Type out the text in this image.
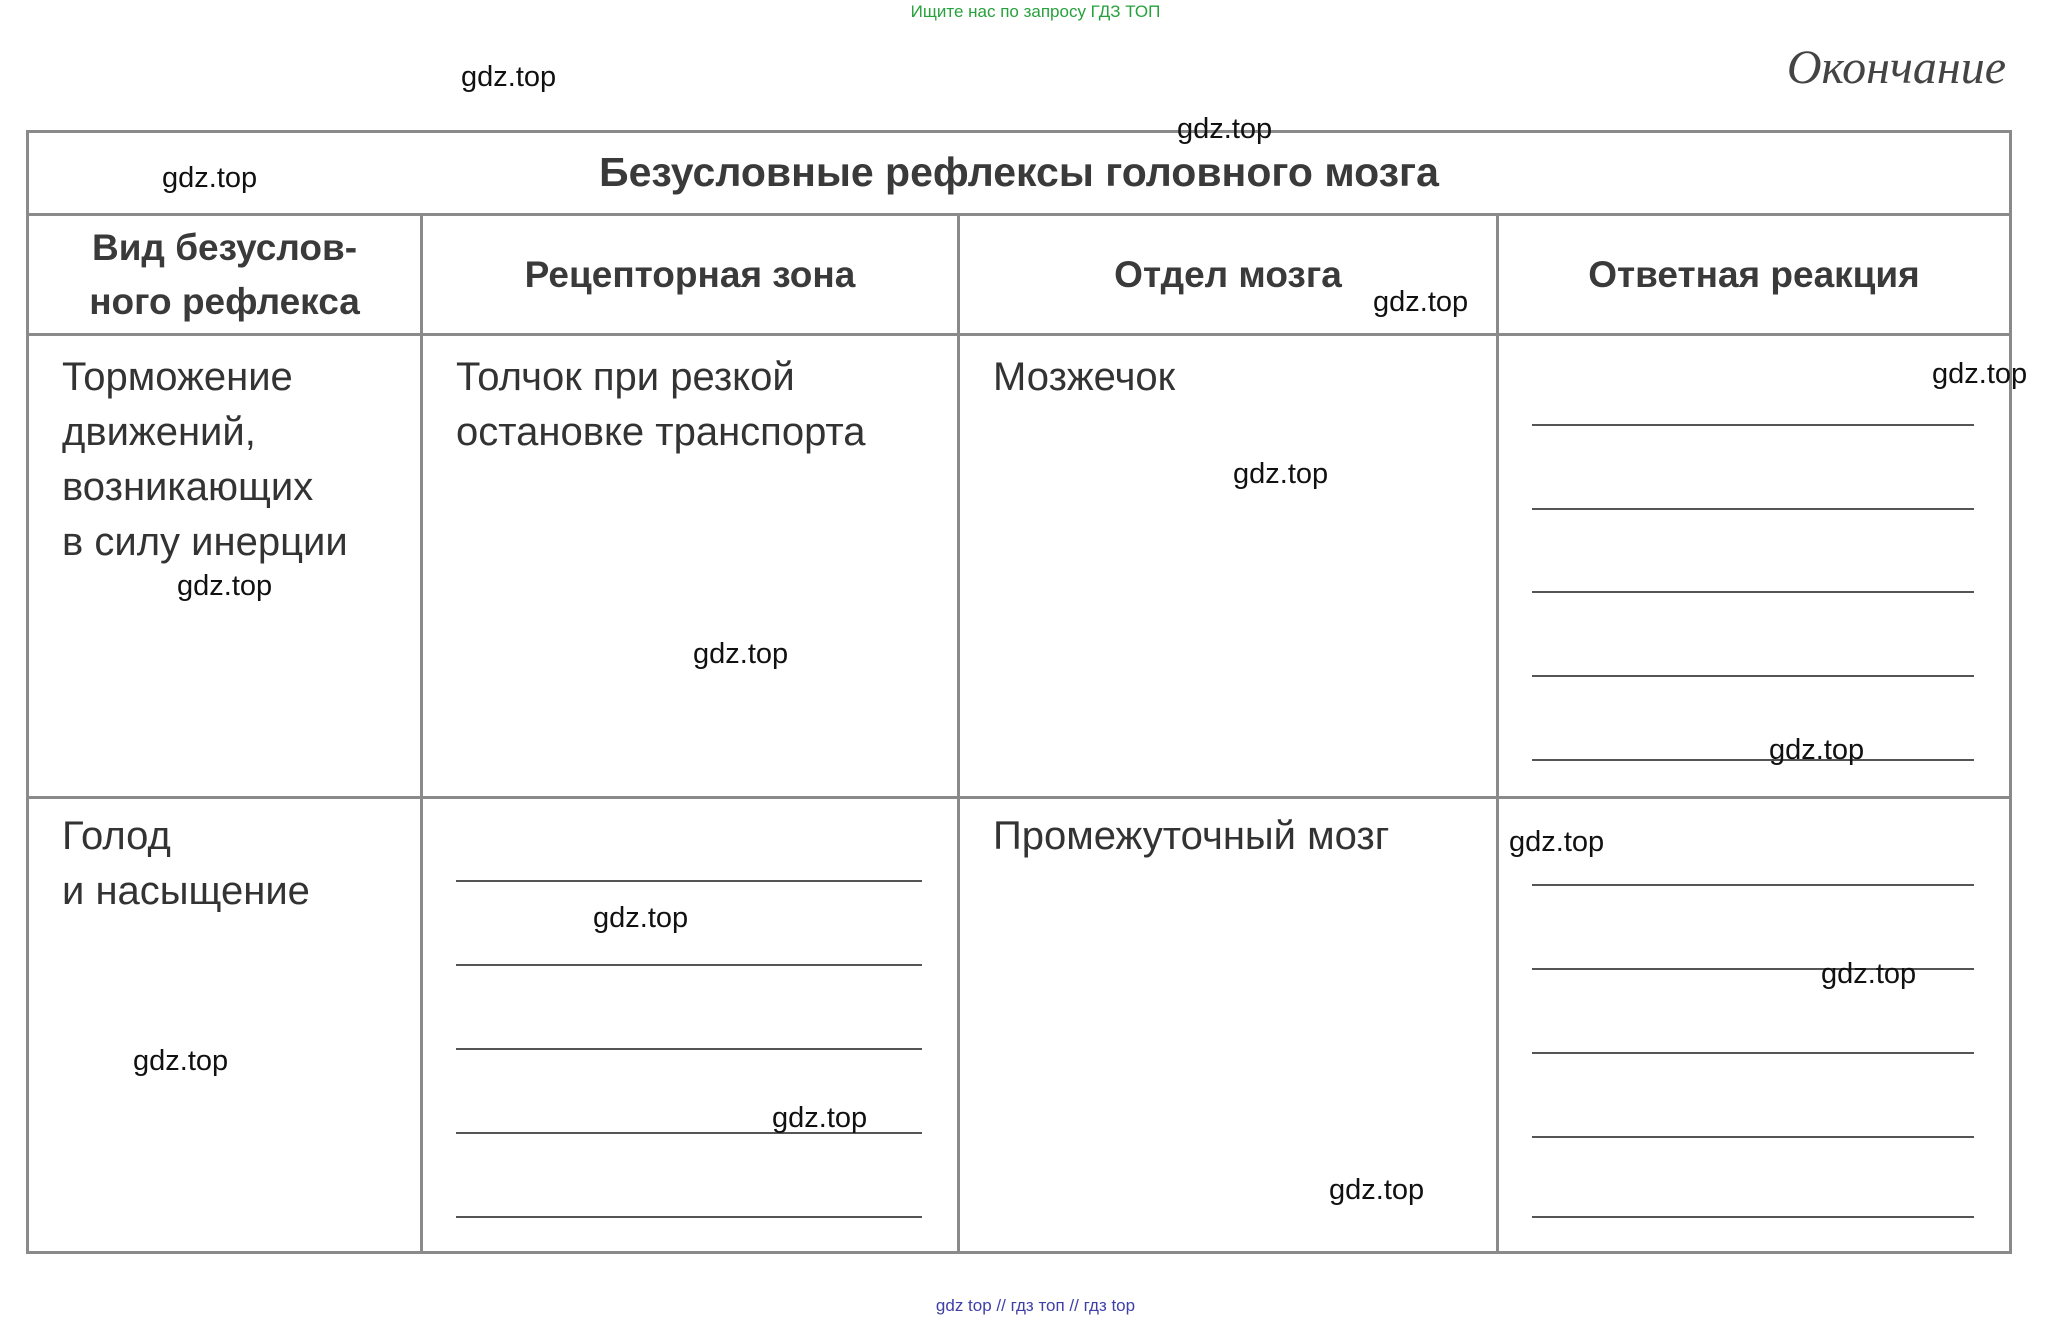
Ищите нас по запросу ГДЗ ТОП
Окончание
Безусловные рефлексы головного мозга
Вид безуслов-
ного рефлекса
Рецепторная зона	Отдел мозга	Ответная реакция
Торможение
движений,
возникающих
в силу инерции
Толчок при резкой
остановке транспорта
Мозжечок
Голод
и насыщение
Промежуточный мозг
gdz.top
gdz.top
gdz.top
gdz.top
gdz.top
gdz.top
gdz.top
gdz.top
gdz.top
gdz.top
gdz.top
gdz.top
gdz.top
gdz.top
gdz.top
gdz top // гдз топ // гдз top
